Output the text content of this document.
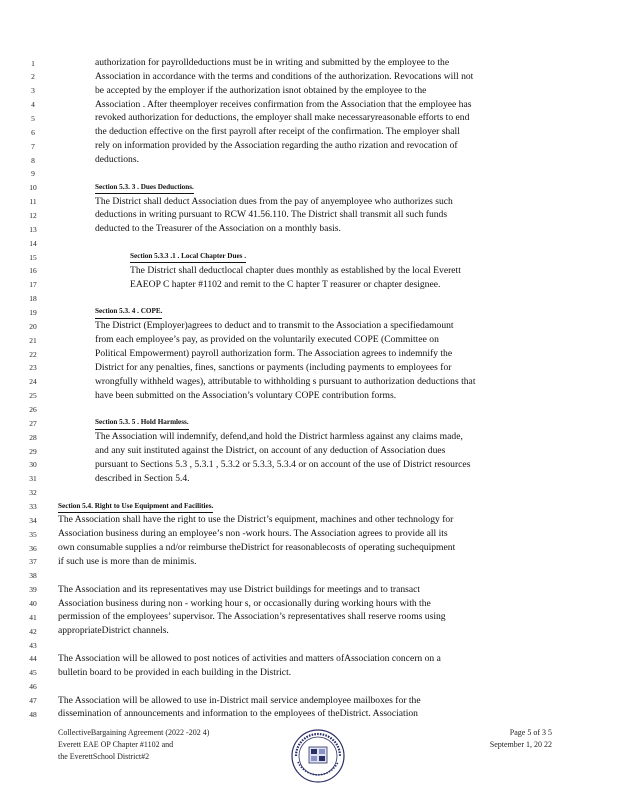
1	authorization for payrolldeductions must be in writing and submitted by the employee to the
2	Association in accordance with the terms and conditions of the authorization. Revocations will not
3	be accepted by the employer if the authorization isnot obtained by the employee to the
4	Association . After theemployer receives confirmation from the Association that the employee has
5	revoked authorization for deductions, the employer shall make necessaryreasonable efforts to end
6	the deduction effective on the first payroll after receipt of the confirmation. The employer shall
7	rely on information provided by the Association regarding the autho rization and revocation of
8	deductions.
9
10	Section 5.3. 3 . Dues Deductions.
11	The District shall deduct Association dues from the pay of anyemployee who authorizes such
12	deductions in writing pursuant to RCW 41.56.110. The District shall transmit all such funds
13	deducted to the Treasurer of the Association on a monthly basis.
14
15	Section 5.3.3 .1 . Local Chapter Dues .
16	The District shall deductlocal chapter dues monthly as established by the local Everett
17	EAEOP C hapter #1102 and remit to the C hapter T reasurer or chapter designee.
18
19	Section 5.3. 4 . COPE.
20	The District (Employer)agrees to deduct and to transmit to the Association a specifiedamount
21	from each employee’s pay, as provided on the voluntarily executed COPE (Committee on
22	Political Empowerment) payroll authorization form. The Association agrees to indemnify the
23	District for any penalties, fines, sanctions or payments (including payments to employees for
24	wrongfully withheld wages), attributable to withholding s pursuant to authorization deductions that
25	have been submitted on the Association’s voluntary COPE contribution forms.
26
27	Section 5.3. 5 . Hold Harmless.
28	The Association will indemnify, defend,and hold the District harmless against any claims made,
29	and any suit instituted against the District, on account of any deduction of Association dues
30	pursuant to Sections 5.3 , 5.3.1 , 5.3.2 or 5.3.3, 5.3.4 or on account of the use of District resources
31	described in Section 5.4.
32
33	Section 5.4. Right to Use Equipment and Facilities.
34	The Association shall have the right to use the District’s equipment, machines and other technology for
35	Association business during an employee’s non -work hours. The Association agrees to provide all its
36	own consumable supplies a nd/or reimburse theDistrict for reasonablecosts of operating suchequipment
37	if such use is more than de minimis.
38
39	The Association and its representatives may use District buildings for meetings and to transact
40	Association business during non - working hour s, or occasionally during working hours with the
41	permission of the employees’ supervisor. The Association’s representatives shall reserve rooms using
42	appropriateDistrict channels.
43
44	The Association will be allowed to post notices of activities and matters ofAssociation concern on a
45	bulletin board to be provided in each building in the District.
46
47	The Association will be allowed to use in-District mail service andemployee mailboxes for the
48	dissemination of announcements and information to the employees of theDistrict. Association
CollectiveBargaining Agreement (2022 -202 4)
Everett EAE OP Chapter #1102 and
the EverettSchool District#2
Page 5 of 3 5
September 1, 20 22
